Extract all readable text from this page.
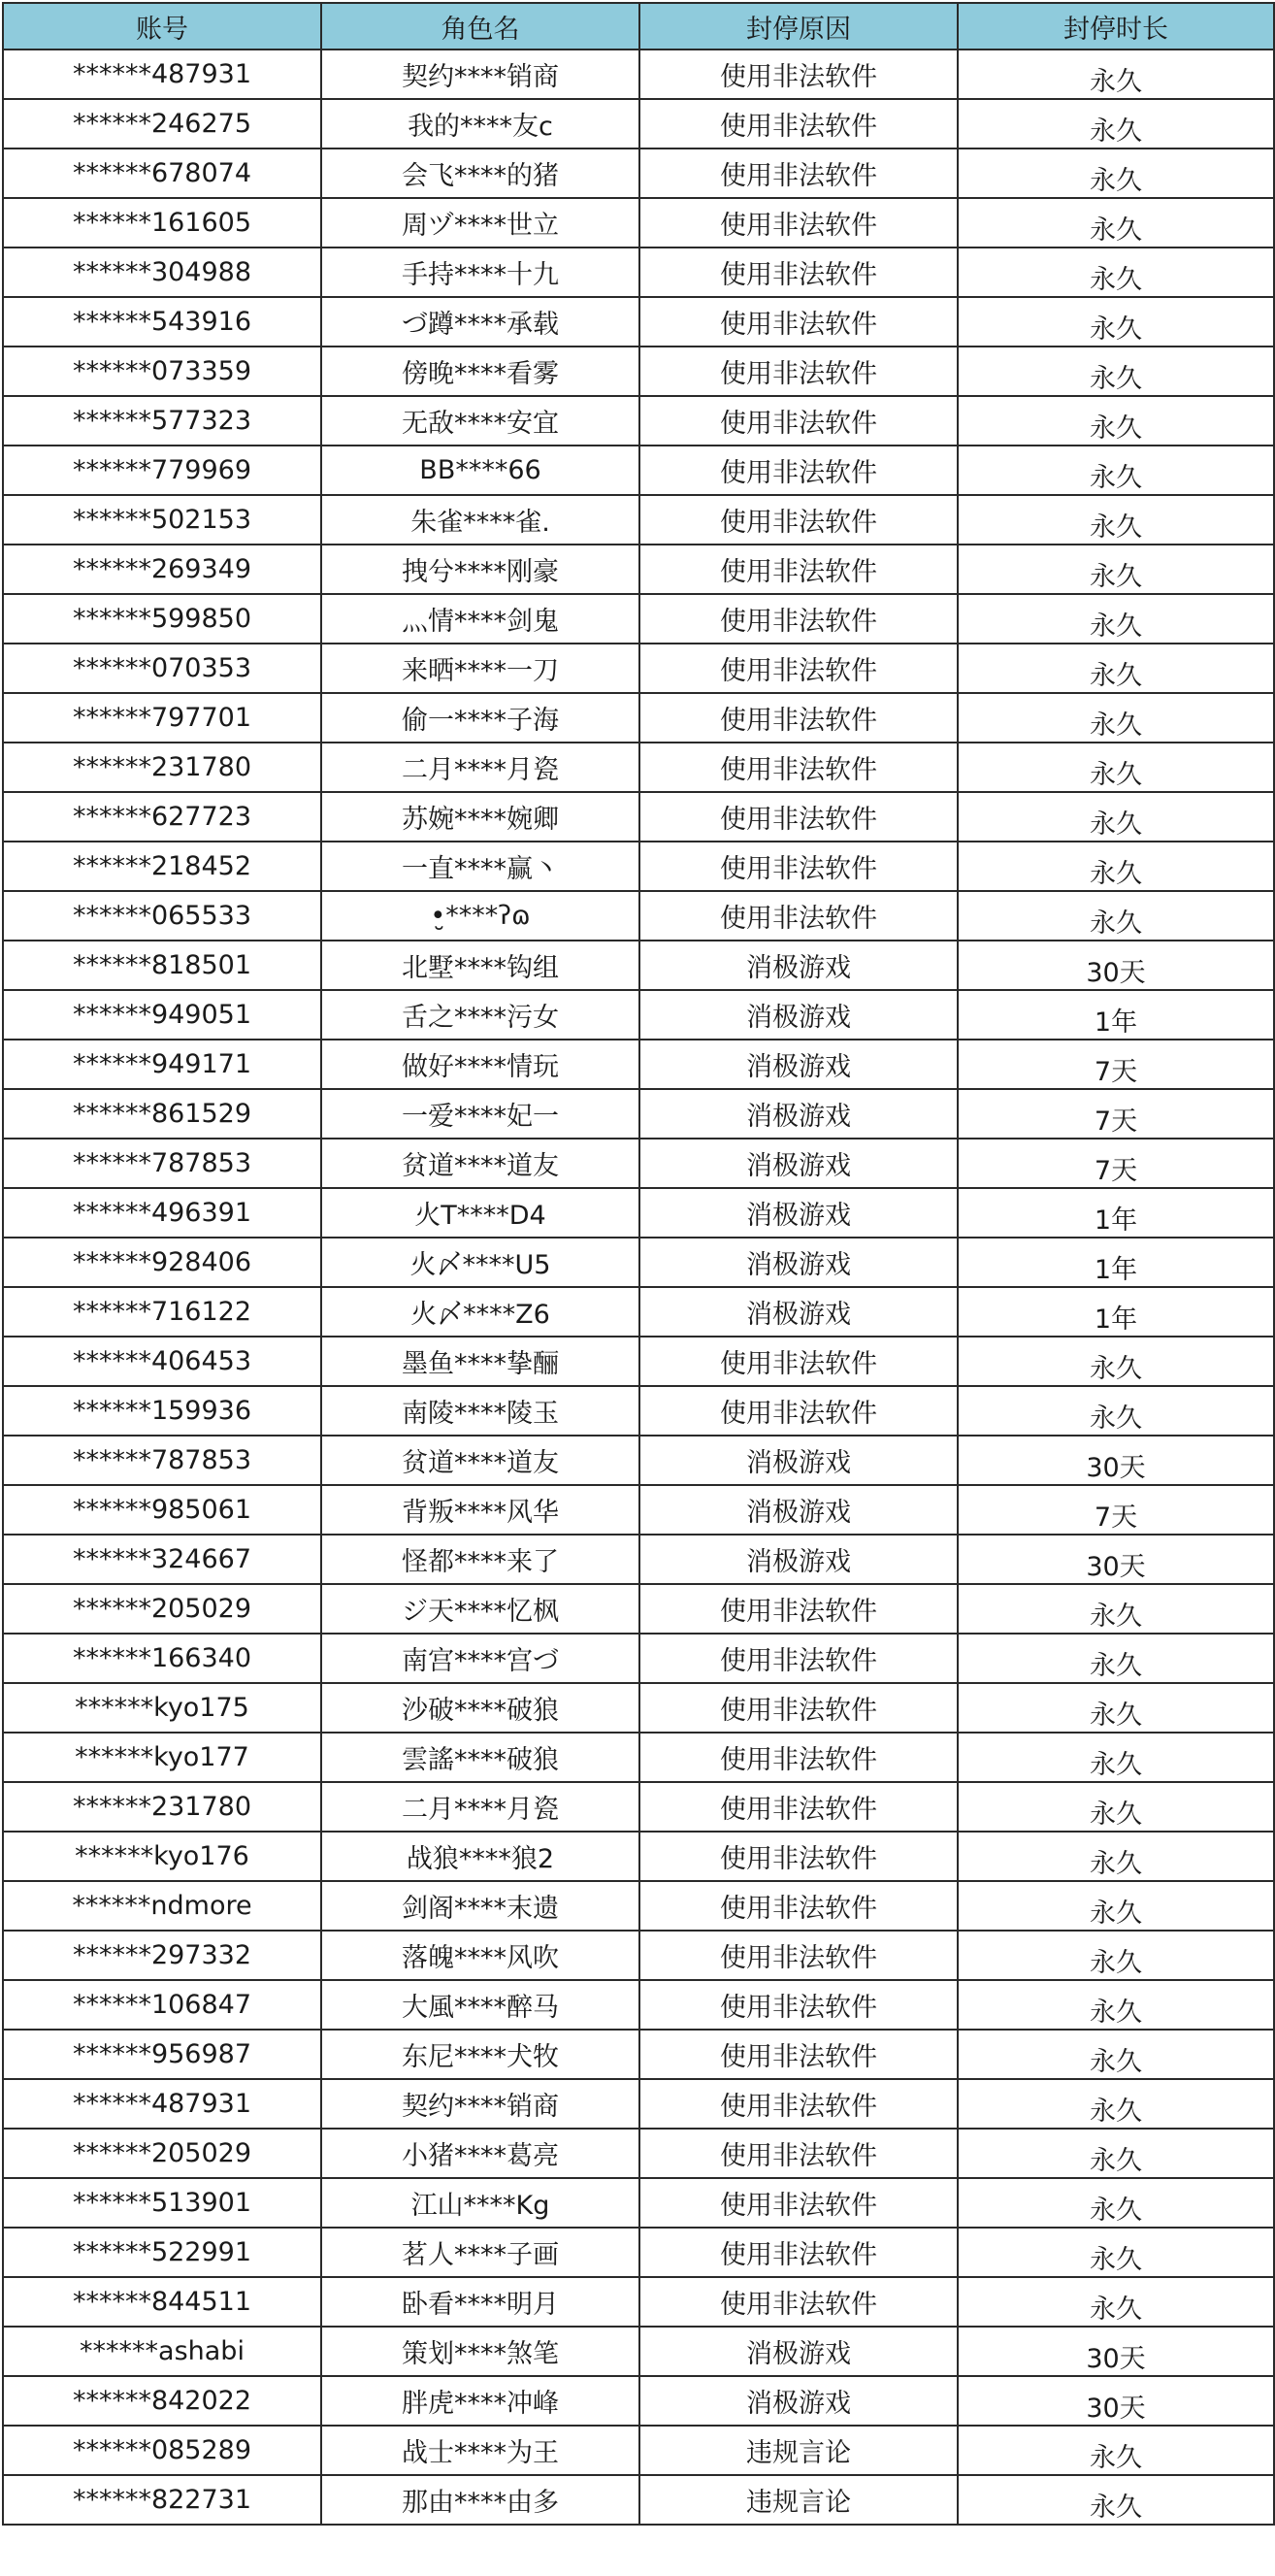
账号	角色名	封停原因	封停时长
******487931	契约****销商	使用非法软件	永久
******246275	我的****友c	使用非法软件	永久
******678074	会飞****的猪	使用非法软件	永久
******161605	周ヅ****世立	使用非法软件	永久
******304988	手持****十九	使用非法软件	永久
******543916	づ蹲****承载	使用非法软件	永久
******073359	傍晚****看雾	使用非法软件	永久
******577323	无敌****安宜	使用非法软件	永久
******779969	BB****66	使用非法软件	永久
******502153	朱雀****雀.	使用非法软件	永久
******269349	拽兮****刚豪	使用非法软件	永久
******599850	灬情****剑鬼	使用非法软件	永久
******070353	来晒****一刀	使用非法软件	永久
******797701	偷一****子海	使用非法软件	永久
******231780	二月****月瓷	使用非法软件	永久
******627723	苏婉****婉卿	使用非法软件	永久
******218452	一直****赢丶	使用非法软件	永久
******065533	•̮****ʔɷ	使用非法软件	永久
******818501	北墅****钩组	消极游戏	30天
******949051	舌之****污女	消极游戏	1年
******949171	做好****情玩	消极游戏	7天
******861529	一爱****妃一	消极游戏	7天
******787853	贫道****道友	消极游戏	7天
******496391	火T****D4	消极游戏	1年
******928406	火〆****U5	消极游戏	1年
******716122	火〆****Z6	消极游戏	1年
******406453	墨鱼****挚酾	使用非法软件	永久
******159936	南陵****陵玉	使用非法软件	永久
******787853	贫道****道友	消极游戏	30天
******985061	背叛****风华	消极游戏	7天
******324667	怪都****来了	消极游戏	30天
******205029	ジ天****忆枫	使用非法软件	永久
******166340	南宫****宫づ	使用非法软件	永久
******kyo175	沙破****破狼	使用非法软件	永久
******kyo177	雲謠****破狼	使用非法软件	永久
******231780	二月****月瓷	使用非法软件	永久
******kyo176	战狼****狼2	使用非法软件	永久
******ndmore	剑阁****末遗	使用非法软件	永久
******297332	落魄****风吹	使用非法软件	永久
******106847	大風****醉马	使用非法软件	永久
******956987	东尼****犬牧	使用非法软件	永久
******487931	契约****销商	使用非法软件	永久
******205029	小猪****葛亮	使用非法软件	永久
******513901	江山****Kg	使用非法软件	永久
******522991	茗人****子画	使用非法软件	永久
******844511	卧看****明月	使用非法软件	永久
******ashabi	策划****煞笔	消极游戏	30天
******842022	胖虎****冲峰	消极游戏	30天
******085289	战士****为王	违规言论	永久
******822731	那由****由多	违规言论	永久
